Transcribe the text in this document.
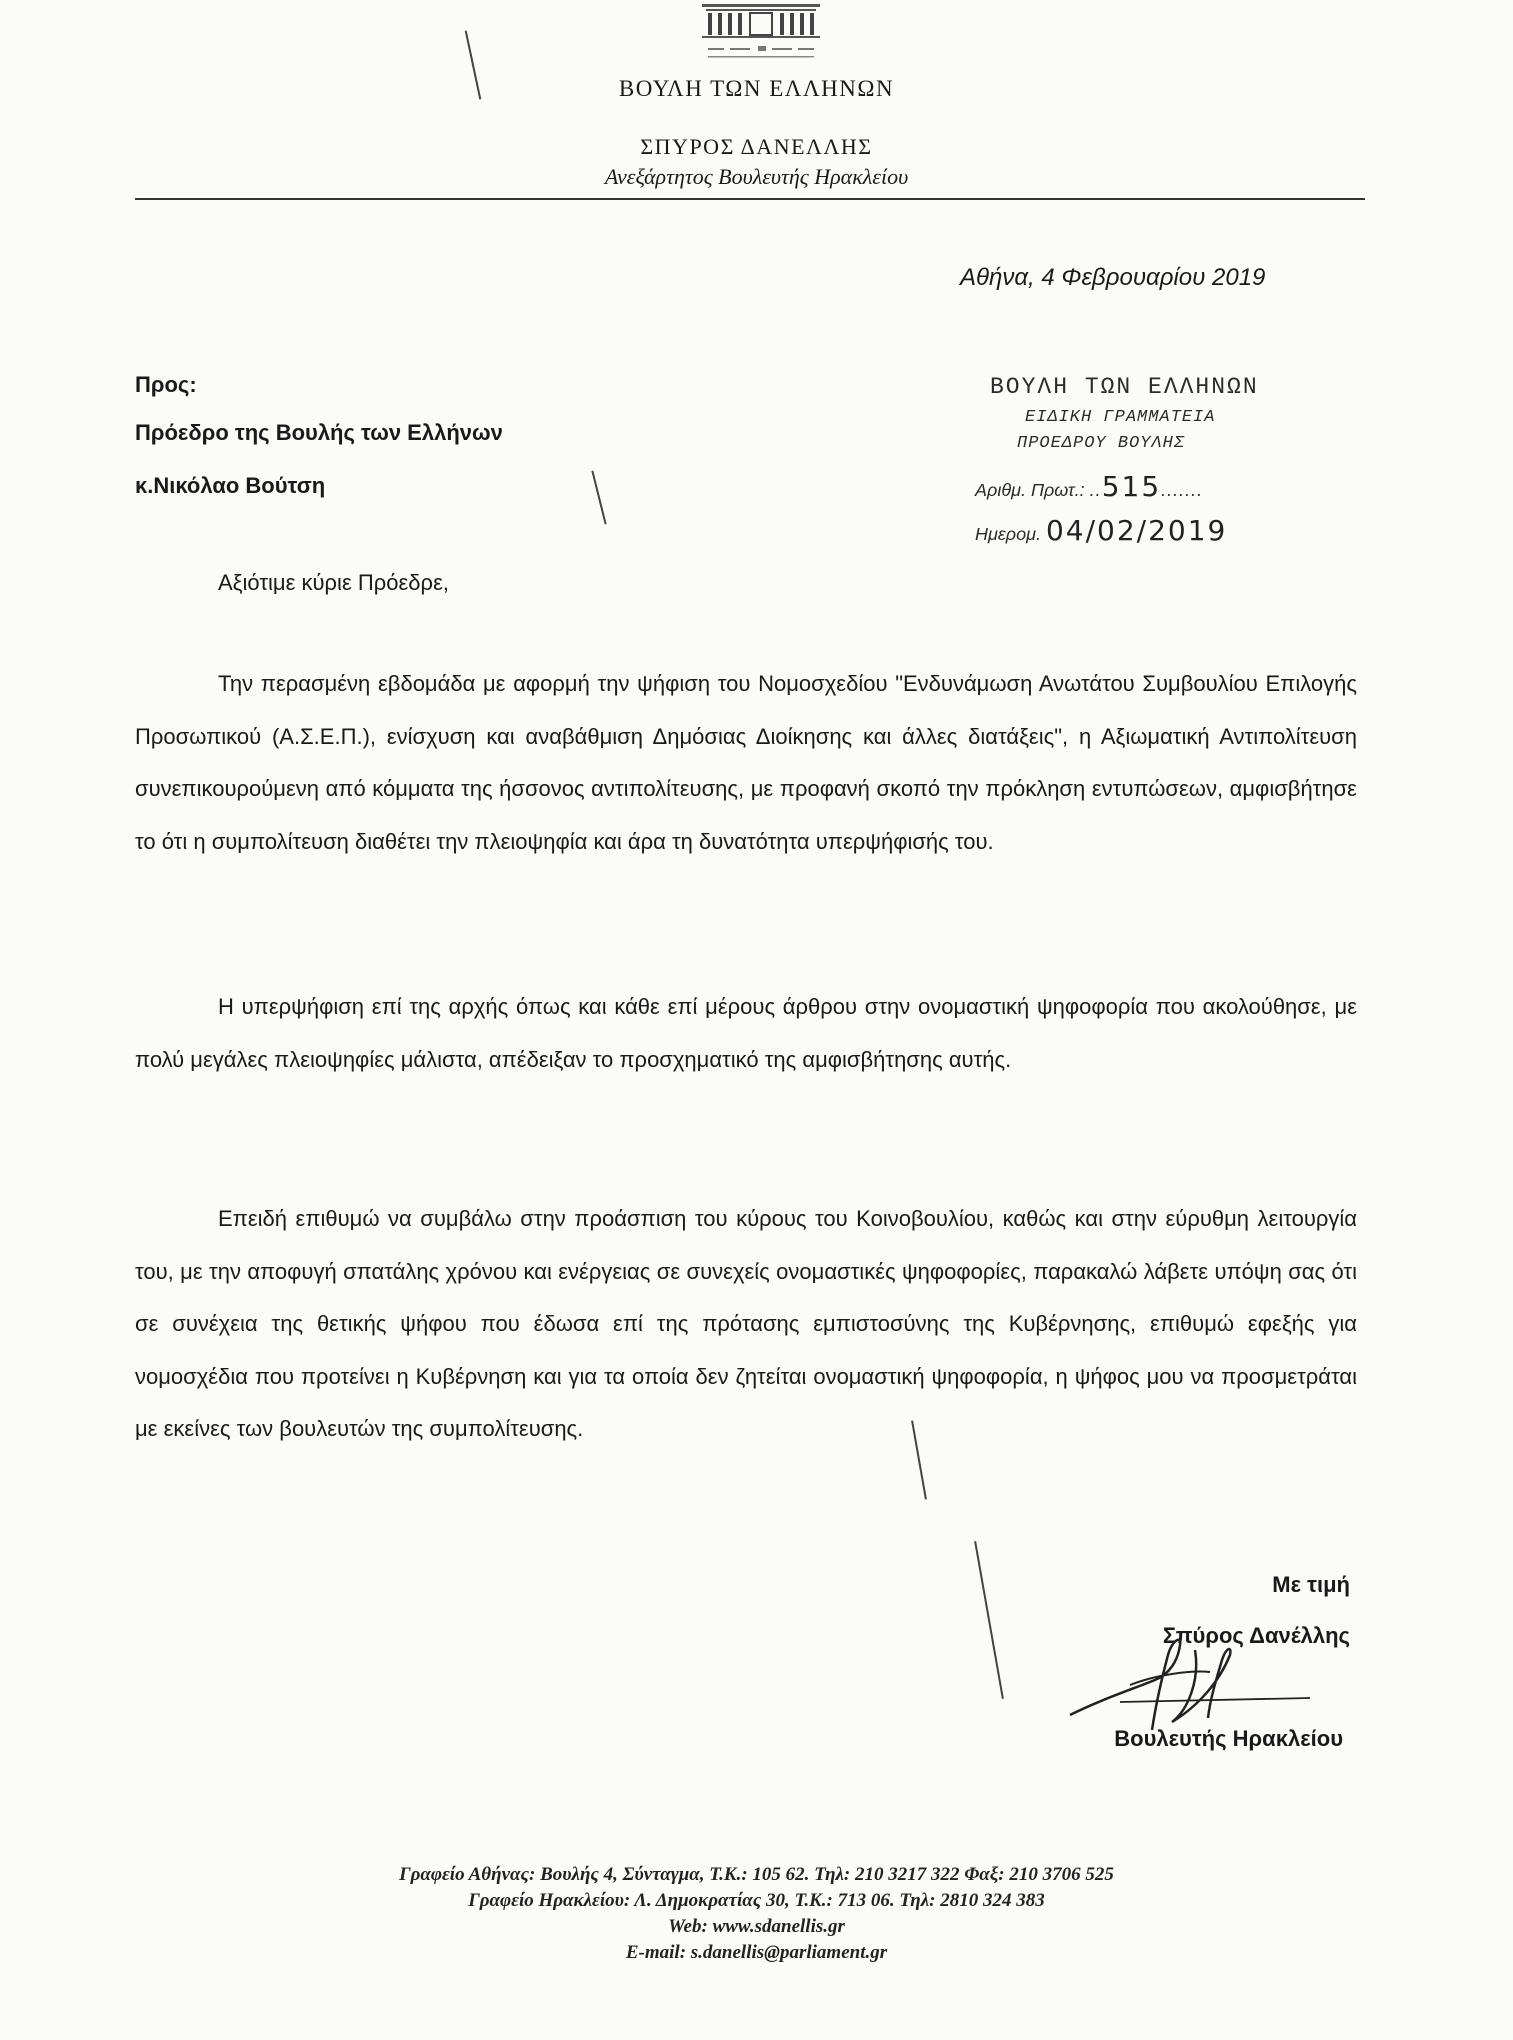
ΒΟΥΛΗ ΤΩΝ ΕΛΛΗΝΩΝ
ΣΠΥΡΟΣ ΔΑΝΕΛΛΗΣ
Ανεξάρτητος Βουλευτής Ηρακλείου
Αθήνα, 4 Φεβρουαρίου 2019
Προς:
Πρόεδρο της Βουλής των Ελλήνων
κ.Νικόλαο Βούτση
ΒΟΥΛΗ ΤΩΝ ΕΛΛΗΝΩΝ
ΕΙΔΙΚΗ ΓΡΑΜΜΑΤΕΙΑ
ΠΡΟΕΔΡΟΥ ΒΟΥΛΗΣ
Αριθμ. Πρωτ.: ..515.......
Ημερομ. 04/02/2019
Αξιότιμε κύριε Πρόεδρε,

Την περασμένη εβδομάδα με αφορμή την ψήφιση του Νομοσχεδίου "Ενδυνάμωση Ανωτάτου Συμβουλίου Επιλογής Προσωπικού (Α.Σ.Ε.Π.), ενίσχυση και αναβάθμιση Δημόσιας Διοίκησης και άλλες διατάξεις", η Αξιωματική Αντιπολίτευση συνεπικουρούμενη από κόμματα της ήσσονος αντιπολίτευσης, με προφανή σκοπό την πρόκληση εντυπώσεων, αμφισβήτησε το ότι η συμπολίτευση διαθέτει την πλειοψηφία και άρα τη δυνατότητα υπερψήφισής του.

Η υπερψήφιση επί της αρχής όπως και κάθε επί μέρους άρθρου στην ονομαστική ψηφοφορία που ακολούθησε, με πολύ μεγάλες πλειοψηφίες μάλιστα, απέδειξαν το προσχηματικό της αμφισβήτησης αυτής.

Επειδή επιθυμώ να συμβάλω στην προάσπιση του κύρους του Κοινοβουλίου, καθώς και στην εύρυθμη λειτουργία του, με την αποφυγή σπατάλης χρόνου και ενέργειας σε συνεχείς ονομαστικές ψηφοφορίες, παρακαλώ λάβετε υπόψη σας ότι σε συνέχεια της θετικής ψήφου που έδωσα επί της πρότασης εμπιστοσύνης της Κυβέρνησης, επιθυμώ εφεξής για νομοσχέδια που προτείνει η Κυβέρνηση και για τα οποία δεν ζητείται ονομαστική ψηφοφορία, η ψήφος μου να προσμετράται με εκείνες των βουλευτών της συμπολίτευσης.

Με τιμή
Σπύρος Δανέλλης
Βουλευτής Ηρακλείου
Γραφείο Αθήνας: Βουλής 4, Σύνταγμα, Τ.Κ.: 105 62. Τηλ: 210 3217 322 Φαξ: 210 3706 525
Γραφείο Ηρακλείου: Λ. Δημοκρατίας 30, Τ.Κ.: 713 06. Τηλ: 2810 324 383
Web: www.sdanellis.gr
E-mail: s.danellis@parliament.gr
